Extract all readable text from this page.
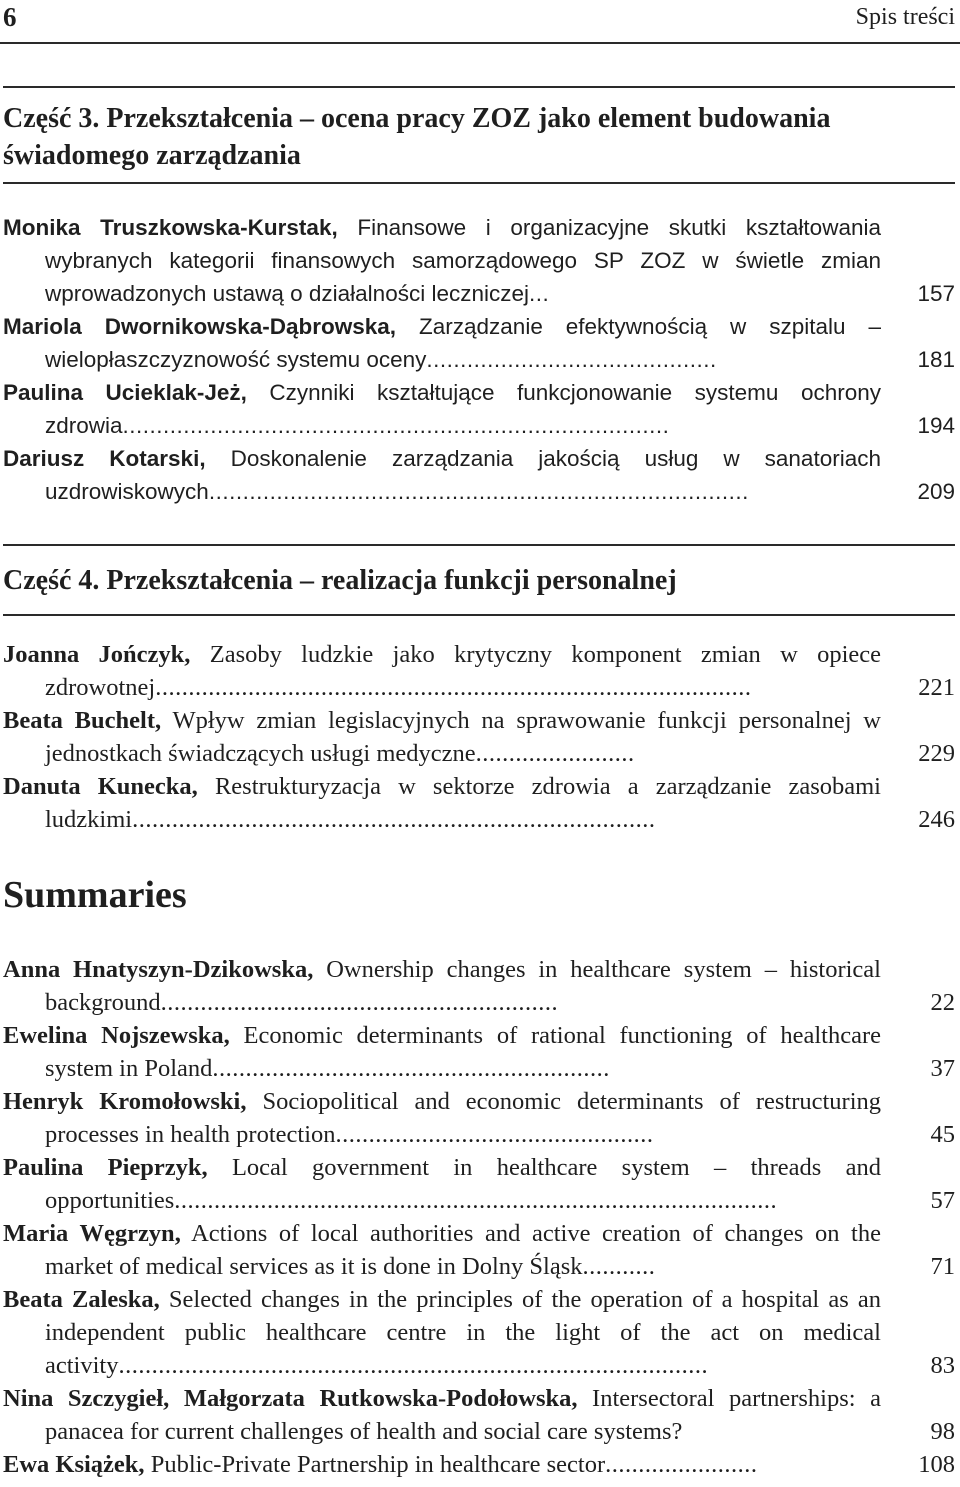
6	Spis treści
Część 3. Przekształcenia – ocena pracy ZOZ jako element budowania świadomego zarządzania
Monika Truszkowska-Kurstak, Finansowe i organizacyjne skutki kształtowania wybranych kategorii finansowych samorządowego SP ZOZ w świetle zmian wprowadzonych ustawą o działalności leczniczej...	157
Mariola Dwornikowska-Dąbrowska, Zarządzanie efektywnością w szpitalu – wielopłaszczyznowość systemu oceny...........................................	181
Paulina Ucieklak-Jeż, Czynniki kształtujące funkcjonowanie systemu ochrony zdrowia.................................................................................	194
Dariusz Kotarski, Doskonalenie zarządzania jakością usług w sanatoriach uzdrowiskowych................................................................................	209
Część 4. Przekształcenia – realizacja funkcji personalnej
Joanna Jończyk, Zasoby ludzkie jako krytyczny komponent zmian w opiece zdrowotnej..........................................................................................	221
Beata Buchelt, Wpływ zmian legislacyjnych na sprawowanie funkcji personalnej w jednostkach świadczących usługi medyczne........................	229
Danuta Kunecka, Restrukturyzacja w sektorze zdrowia a zarządzanie zasobami ludzkimi...............................................................................	246
Summaries
Anna Hnatyszyn-Dzikowska, Ownership changes in healthcare system – historical background............................................................	22
Ewelina Nojszewska, Economic determinants of rational functioning of healthcare system in Poland............................................................	37
Henryk Kromołowski, Sociopolitical and economic determinants of restructuring processes in health protection................................................	45
Paulina Pieprzyk, Local government in healthcare system – threads and opportunities...........................................................................................	57
Maria Węgrzyn, Actions of local authorities and active creation of changes on the market of medical services as it is done in Dolny Śląsk...........	71
Beata Zaleska, Selected changes in the principles of the operation of a hospital as an independent public healthcare centre in the light of the act on medical activity.........................................................................................	83
Nina Szczygieł, Małgorzata Rutkowska-Podołowska, Intersectoral partnerships: a panacea for current challenges of health and social care systems?	98
Ewa Książek, Public-Private Partnership in healthcare sector.......................	108
